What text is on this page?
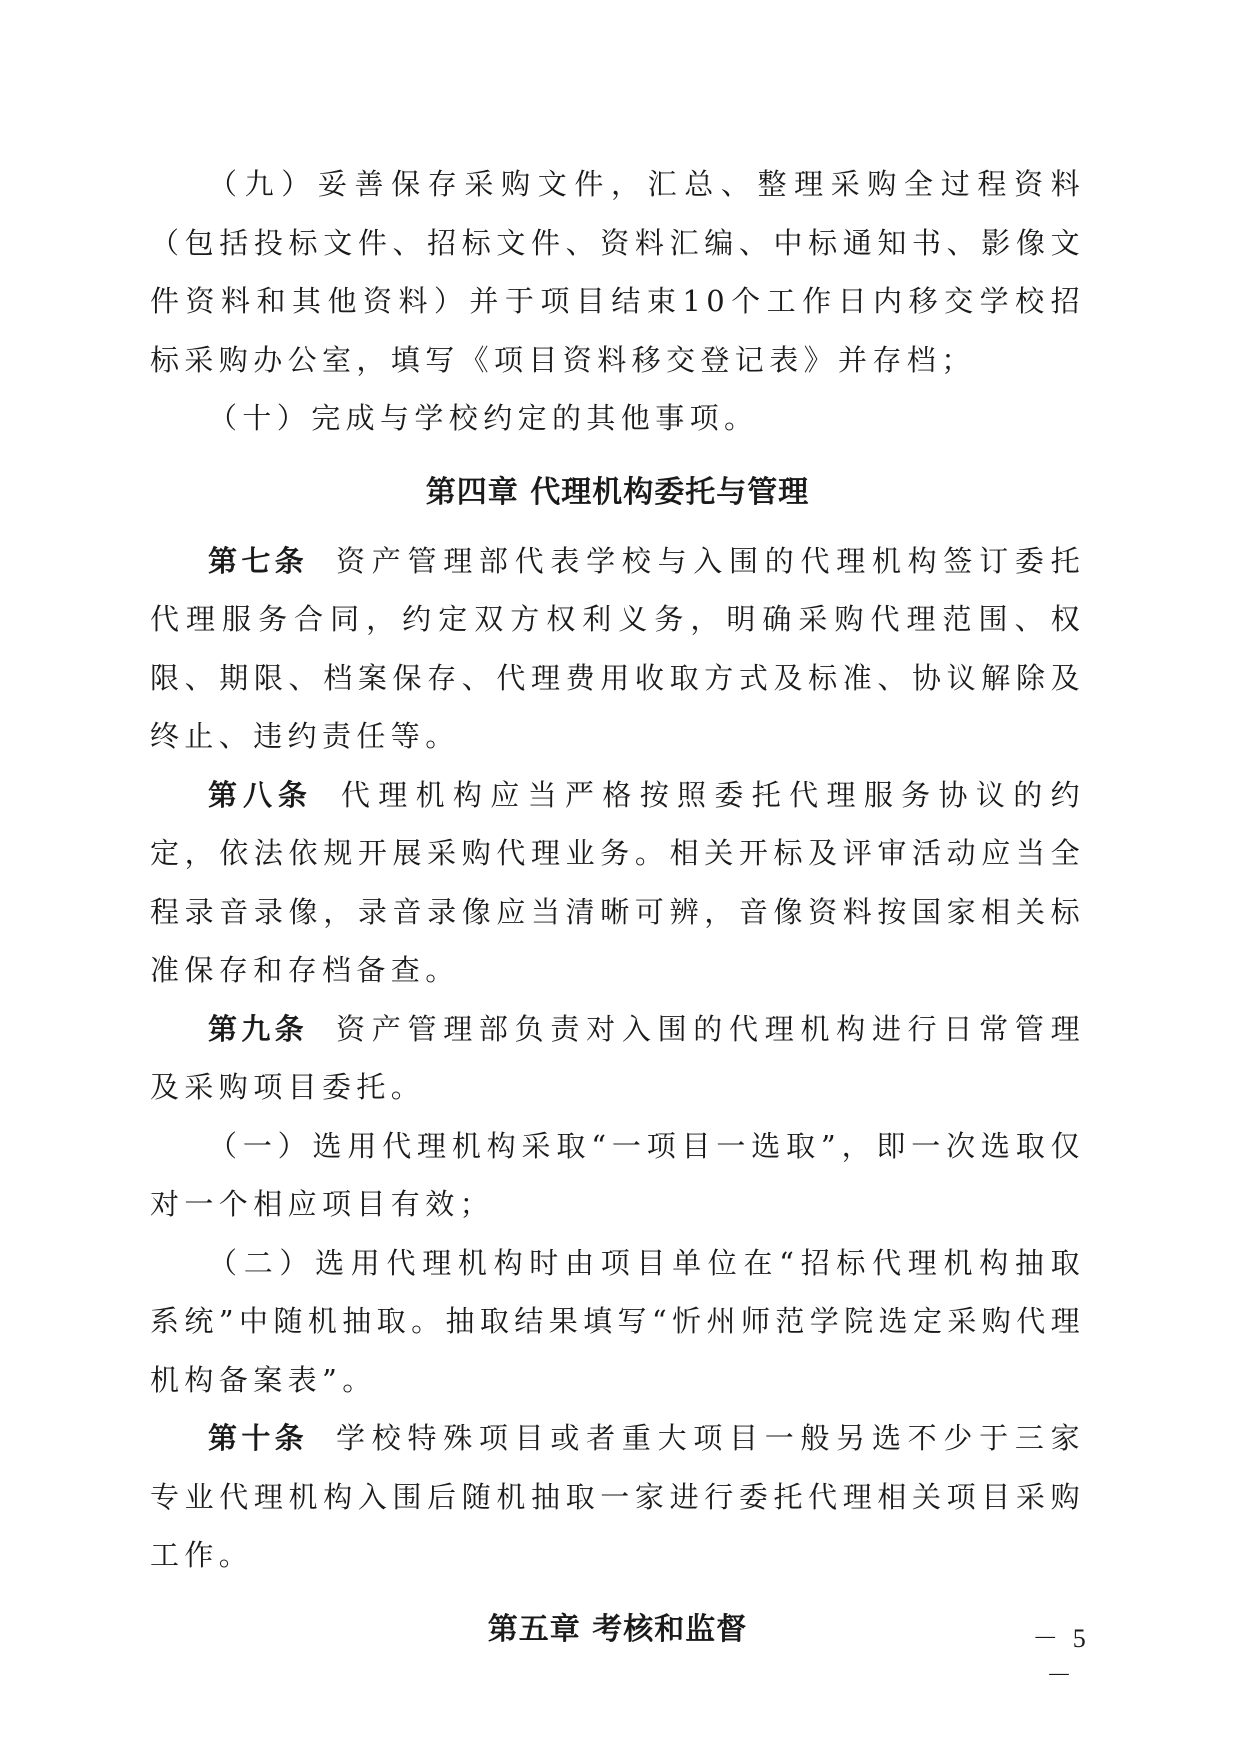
（九）妥善保存采购文件，汇总、整理采购全过程资料（包括投标文件、招标文件、资料汇编、中标通知书、影像文件资料和其他资料）并于项目结束10个工作日内移交学校招标采购办公室，填写《项目资料移交登记表》并存档；

（十）完成与学校约定的其他事项。

第四章 代理机构委托与管理

第七条 资产管理部代表学校与入围的代理机构签订委托代理服务合同，约定双方权利义务，明确采购代理范围、权限、期限、档案保存、代理费用收取方式及标准、协议解除及终止、违约责任等。

第八条 代理机构应当严格按照委托代理服务协议的约定，依法依规开展采购代理业务。相关开标及评审活动应当全程录音录像，录音录像应当清晰可辨，音像资料按国家相关标准保存和存档备查。

第九条 资产管理部负责对入围的代理机构进行日常管理及采购项目委托。

（一）选用代理机构采取“一项目一选取”，即一次选取仅对一个相应项目有效；

（二）选用代理机构时由项目单位在“招标代理机构抽取系统”中随机抽取。抽取结果填写“忻州师范学院选定采购代理机构备案表”。

第十条 学校特殊项目或者重大项目一般另选不少于三家专业代理机构入围后随机抽取一家进行委托代理相关项目采购工作。

第五章 考核和监督	－ 5 －
